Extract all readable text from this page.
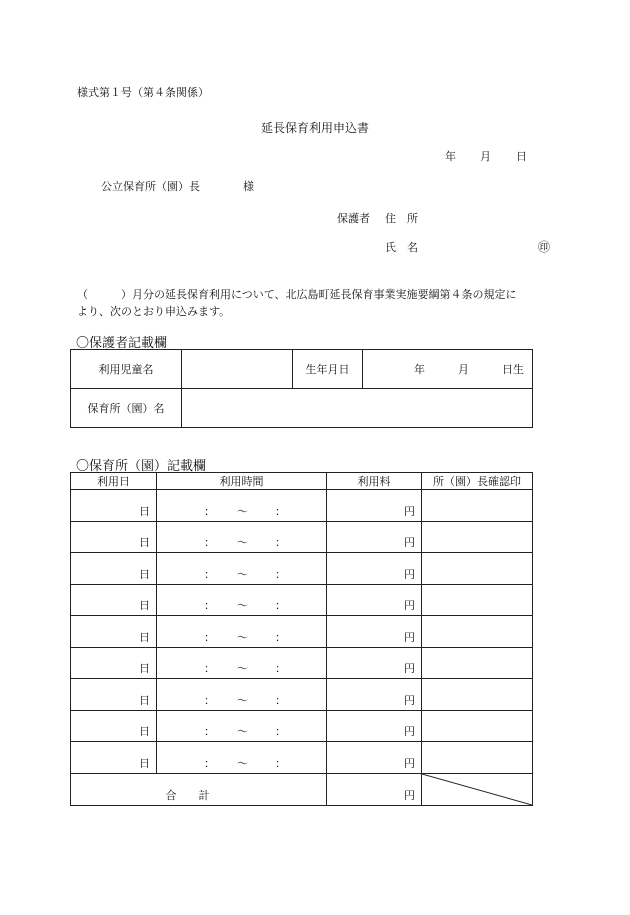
様式第１号（第４条関係）
延長保育利用申込書
年 月 日
公立保育所（園）長	様
保護者 住　所
氏　名	㊞
（　　　）月分の延長保育利用について、北広島町延長保育事業実施要綱第４条の規定に
より、次のとおり申込みます。
〇保護者記載欄
利用児童名		生年月日	年　　　月　　　日生
保育所（園）名			
〇保育所（園）記載欄
利用日	利用時間	利用料	所（園）長確認印
日	： ～ ：	円	
日	： ～ ：	円	
日	： ～ ：	円	
日	： ～ ：	円	
日	： ～ ：	円	
日	： ～ ：	円	
日	： ～ ：	円	
日	： ～ ：	円	
日	： ～ ：	円	
合計		円	
